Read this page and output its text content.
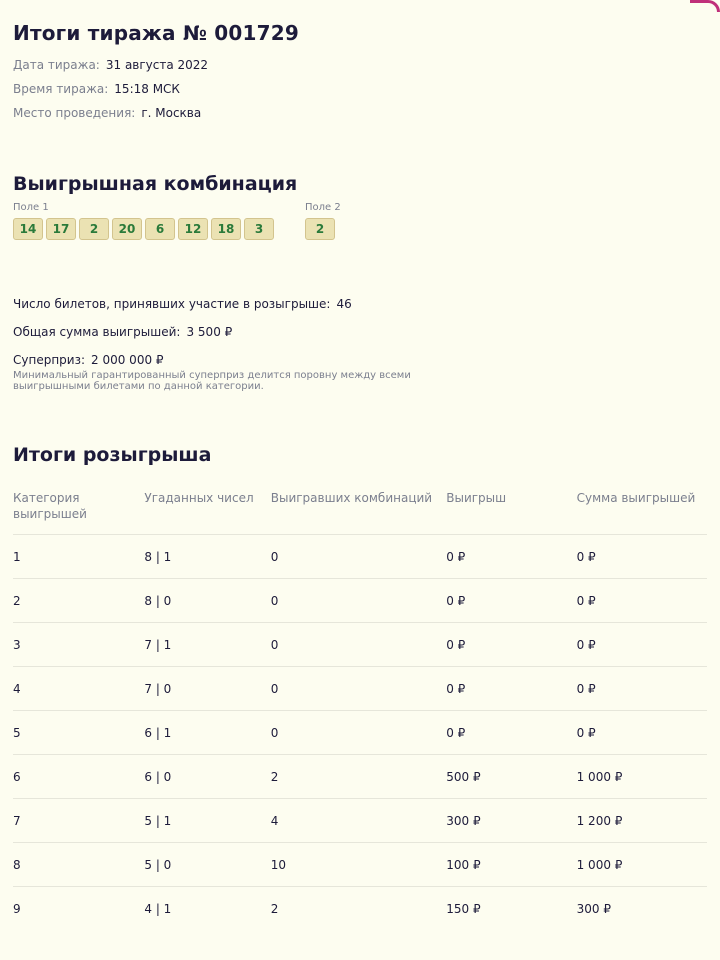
Итоги тиража № 001729
Дата тиража: 31 августа 2022
Время тиража: 15:18 МСК
Место проведения: г. Москва
Выигрышная комбинация
Поле 1
14	17	2	20	6	12	18	3
Поле 2
2
Число билетов, принявших участие в розыгрыше: 46
Общая сумма выигрышей: 3 500 ₽
Суперприз: 2 000 000 ₽
Минимальный гарантированный суперприз делится поровну между всеми выигрышными билетами по данной категории.
Итоги розыгрыша
Категория выигрышей	Угаданных чисел	Выигравших комбинаций	Выигрыш	Сумма выигрышей
1	8 | 1	0	0 ₽	0 ₽
2	8 | 0	0	0 ₽	0 ₽
3	7 | 1	0	0 ₽	0 ₽
4	7 | 0	0	0 ₽	0 ₽
5	6 | 1	0	0 ₽	0 ₽
6	6 | 0	2	500 ₽	1 000 ₽
7	5 | 1	4	300 ₽	1 200 ₽
8	5 | 0	10	100 ₽	1 000 ₽
9	4 | 1	2	150 ₽	300 ₽
